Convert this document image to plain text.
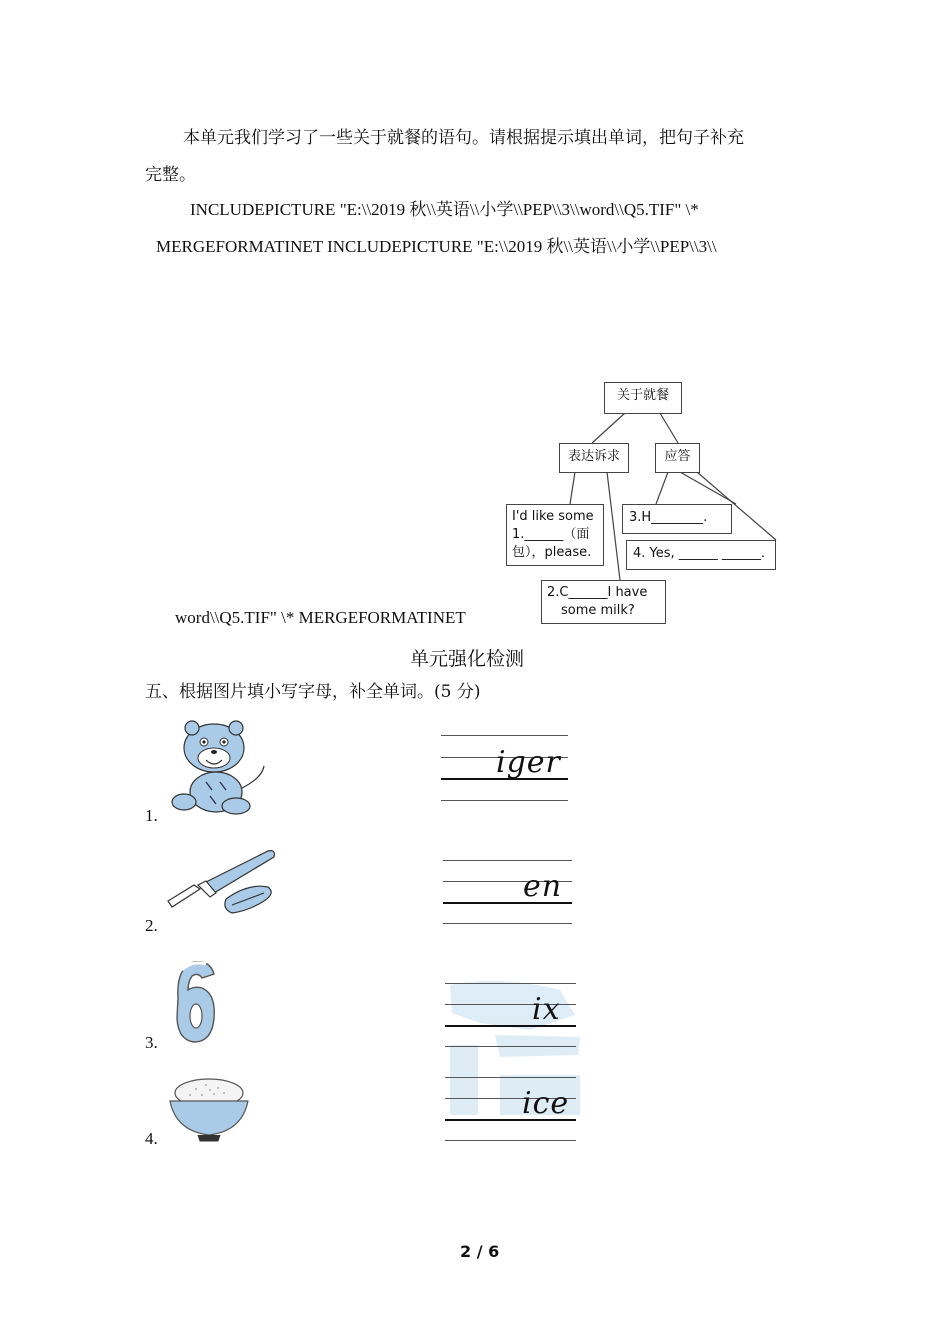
本单元我们学习了一些关于就餐的语句。请根据提示填出单词，把句子补充
完整。
INCLUDEPICTURE "E:\\2019 秋\\英语\\小学\\PEP\\3\\word\\Q5.TIF" \*
MERGEFORMATINET INCLUDEPICTURE "E:\\2019 秋\\英语\\小学\\PEP\\3\\
关于就餐
表达诉求	应答
I'd like some
1.______（面
包），please.
2.C______I have
some milk?
3.H________.
4. Yes, ______ ______.
word\\Q5.TIF" \* MERGEFORMATINET
单元强化检测
五、根据图片填小写字母，补全单词。(5 分)
1.
iger
2.
en
3.
ix
4.
ice
2 / 6
